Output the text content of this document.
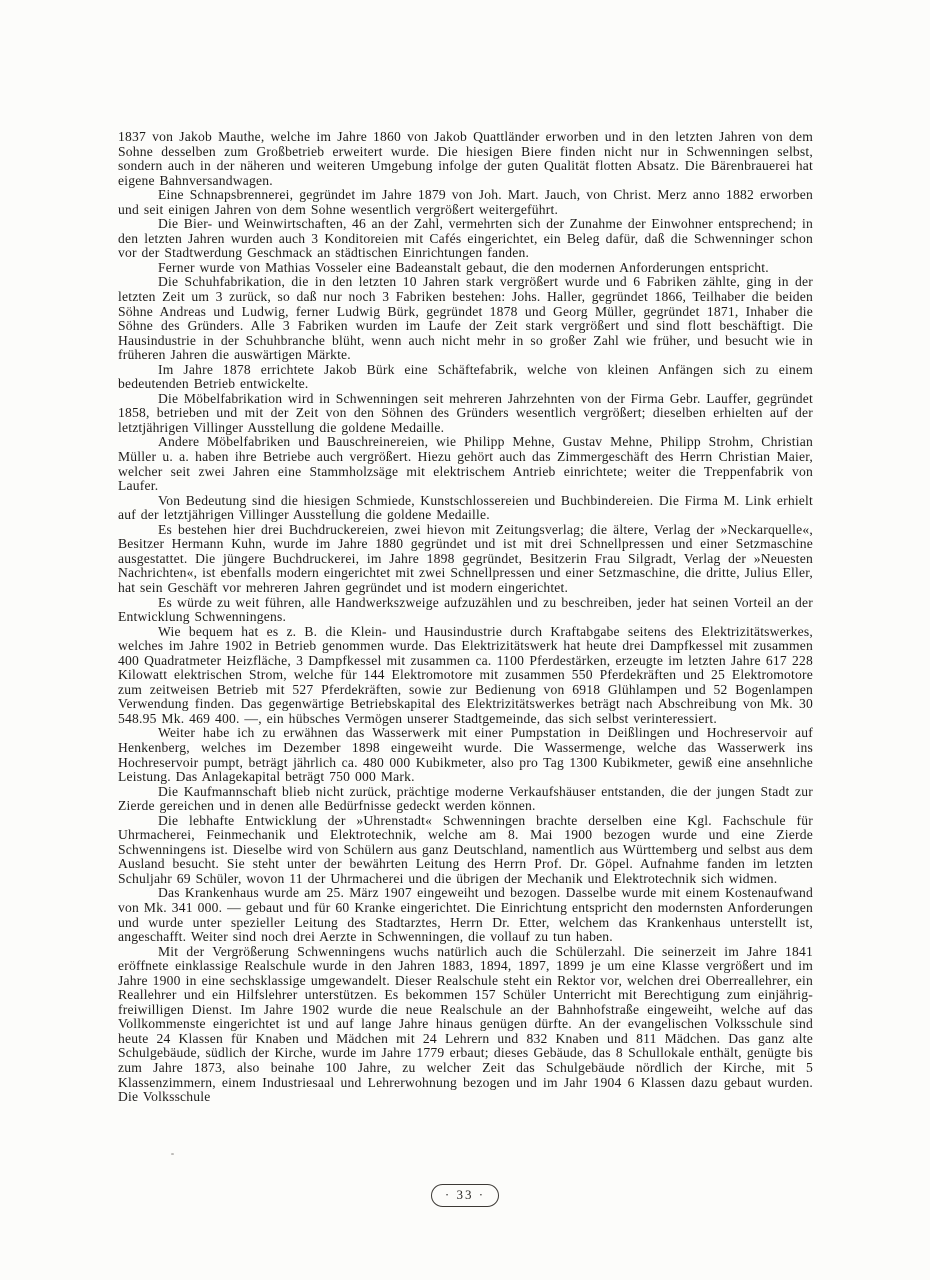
1837 von Jakob Mauthe, welche im Jahre 1860 von Jakob Quattländer erworben und in den letzten Jahren von dem Sohne desselben zum Großbetrieb erweitert wurde. Die hiesigen Biere finden nicht nur in Schwenningen selbst, sondern auch in der näheren und weiteren Umgebung infolge der guten Qualität flotten Absatz. Die Bärenbrauerei hat eigene Bahnversandwagen.

Eine Schnapsbrennerei, gegründet im Jahre 1879 von Joh. Mart. Jauch, von Christ. Merz anno 1882 erworben und seit einigen Jahren von dem Sohne wesentlich vergrößert weitergeführt.

Die Bier- und Weinwirtschaften, 46 an der Zahl, vermehrten sich der Zunahme der Einwohner entsprechend; in den letzten Jahren wurden auch 3 Konditoreien mit Cafés eingerichtet, ein Beleg dafür, daß die Schwenninger schon vor der Stadtwerdung Geschmack an städtischen Einrichtungen fanden.

Ferner wurde von Mathias Vosseler eine Badeanstalt gebaut, die den modernen Anforderungen entspricht.

Die Schuhfabrikation, die in den letzten 10 Jahren stark vergrößert wurde und 6 Fabriken zählte, ging in der letzten Zeit um 3 zurück, so daß nur noch 3 Fabriken bestehen: Johs. Haller, gegründet 1866, Teilhaber die beiden Söhne Andreas und Ludwig, ferner Ludwig Bürk, gegründet 1878 und Georg Müller, gegründet 1871, Inhaber die Söhne des Gründers. Alle 3 Fabriken wurden im Laufe der Zeit stark vergrößert und sind flott beschäftigt. Die Hausindustrie in der Schuhbranche blüht, wenn auch nicht mehr in so großer Zahl wie früher, und besucht wie in früheren Jahren die auswärtigen Märkte.

Im Jahre 1878 errichtete Jakob Bürk eine Schäftefabrik, welche von kleinen Anfängen sich zu einem bedeutenden Betrieb entwickelte.

Die Möbelfabrikation wird in Schwenningen seit mehreren Jahrzehnten von der Firma Gebr. Lauffer, gegründet 1858, betrieben und mit der Zeit von den Söhnen des Gründers wesentlich vergrößert; dieselben erhielten auf der letztjährigen Villinger Ausstellung die goldene Medaille.

Andere Möbelfabriken und Bauschreinereien, wie Philipp Mehne, Gustav Mehne, Philipp Strohm, Christian Müller u. a. haben ihre Betriebe auch vergrößert. Hiezu gehört auch das Zimmergeschäft des Herrn Christian Maier, welcher seit zwei Jahren eine Stammholzsäge mit elektrischem Antrieb einrichtete; weiter die Treppenfabrik von Laufer.

Von Bedeutung sind die hiesigen Schmiede, Kunstschlossereien und Buchbindereien. Die Firma M. Link erhielt auf der letztjährigen Villinger Ausstellung die goldene Medaille.

Es bestehen hier drei Buchdruckereien, zwei hievon mit Zeitungsverlag; die ältere, Verlag der »Neckarquelle«, Besitzer Hermann Kuhn, wurde im Jahre 1880 gegründet und ist mit drei Schnellpressen und einer Setzmaschine ausgestattet. Die jüngere Buchdruckerei, im Jahre 1898 gegründet, Besitzerin Frau Silgradt, Verlag der »Neuesten Nachrichten«, ist ebenfalls modern eingerichtet mit zwei Schnellpressen und einer Setzmaschine, die dritte, Julius Eller, hat sein Geschäft vor mehreren Jahren gegründet und ist modern eingerichtet.

Es würde zu weit führen, alle Handwerkszweige aufzuzählen und zu beschreiben, jeder hat seinen Vorteil an der Entwicklung Schwenningens.

Wie bequem hat es z. B. die Klein- und Hausindustrie durch Kraftabgabe seitens des Elektrizitätswerkes, welches im Jahre 1902 in Betrieb genommen wurde. Das Elektrizitätswerk hat heute drei Dampfkessel mit zusammen 400 Quadratmeter Heizfläche, 3 Dampfkessel mit zusammen ca. 1100 Pferdestärken, erzeugte im letzten Jahre 617 228 Kilowatt elektrischen Strom, welche für 144 Elektromotore mit zusammen 550 Pferdekräften und 25 Elektromotore zum zeitweisen Betrieb mit 527 Pferdekräften, sowie zur Bedienung von 6918 Glühlampen und 52 Bogenlampen Verwendung finden. Das gegenwärtige Betriebskapital des Elektrizitätswerkes beträgt nach Abschreibung von Mk. 30 548.95 Mk. 469 400. —, ein hübsches Vermögen unserer Stadtgemeinde, das sich selbst verinteressiert.

Weiter habe ich zu erwähnen das Wasserwerk mit einer Pumpstation in Deißlingen und Hochreservoir auf Henkenberg, welches im Dezember 1898 eingeweiht wurde. Die Wassermenge, welche das Wasserwerk ins Hochreservoir pumpt, beträgt jährlich ca. 480 000 Kubikmeter, also pro Tag 1300 Kubikmeter, gewiß eine ansehnliche Leistung. Das Anlagekapital beträgt 750 000 Mark.

Die Kaufmannschaft blieb nicht zurück, prächtige moderne Verkaufshäuser entstanden, die der jungen Stadt zur Zierde gereichen und in denen alle Bedürfnisse gedeckt werden können.

Die lebhafte Entwicklung der »Uhrenstadt« Schwenningen brachte derselben eine Kgl. Fachschule für Uhrmacherei, Feinmechanik und Elektrotechnik, welche am 8. Mai 1900 bezogen wurde und eine Zierde Schwenningens ist. Dieselbe wird von Schülern aus ganz Deutschland, namentlich aus Württemberg und selbst aus dem Ausland besucht. Sie steht unter der bewährten Leitung des Herrn Prof. Dr. Göpel. Aufnahme fanden im letzten Schuljahr 69 Schüler, wovon 11 der Uhrmacherei und die übrigen der Mechanik und Elektrotechnik sich widmen.

Das Krankenhaus wurde am 25. März 1907 eingeweiht und bezogen. Dasselbe wurde mit einem Kostenaufwand von Mk. 341 000. — gebaut und für 60 Kranke eingerichtet. Die Einrichtung entspricht den modernsten Anforderungen und wurde unter spezieller Leitung des Stadtarztes, Herrn Dr. Etter, welchem das Krankenhaus unterstellt ist, angeschafft. Weiter sind noch drei Aerzte in Schwenningen, die vollauf zu tun haben.

Mit der Vergrößerung Schwenningens wuchs natürlich auch die Schülerzahl. Die seinerzeit im Jahre 1841 eröffnete einklassige Realschule wurde in den Jahren 1883, 1894, 1897, 1899 je um eine Klasse vergrößert und im Jahre 1900 in eine sechsklassige umgewandelt. Dieser Realschule steht ein Rektor vor, welchen drei Oberreallehrer, ein Reallehrer und ein Hilfslehrer unterstützen. Es bekommen 157 Schüler Unterricht mit Berechtigung zum einjährig-freiwilligen Dienst. Im Jahre 1902 wurde die neue Realschule an der Bahnhofstraße eingeweiht, welche auf das Vollkommenste eingerichtet ist und auf lange Jahre hinaus genügen dürfte. An der evangelischen Volksschule sind heute 24 Klassen für Knaben und Mädchen mit 24 Lehrern und 832 Knaben und 811 Mädchen. Das ganz alte Schulgebäude, südlich der Kirche, wurde im Jahre 1779 erbaut; dieses Gebäude, das 8 Schullokale enthält, genügte bis zum Jahre 1873, also beinahe 100 Jahre, zu welcher Zeit das Schulgebäude nördlich der Kirche, mit 5 Klassenzimmern, einem Industriesaal und Lehrerwohnung bezogen und im Jahr 1904 6 Klassen dazu gebaut wurden. Die Volksschule

· 33 ·
